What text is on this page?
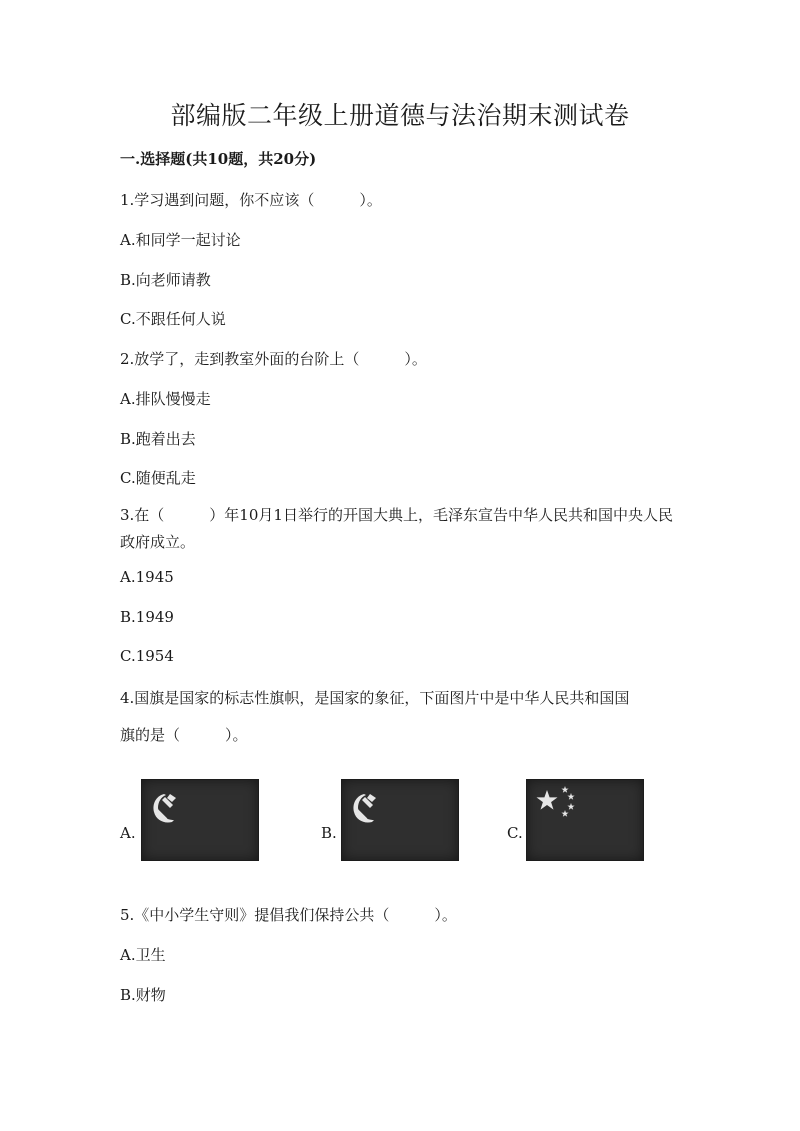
部编版二年级上册道德与法治期末测试卷
一.选择题(共10题，共20分)
1.学习遇到问题，你不应该（　　　）。
A.和同学一起讨论
B.向老师请教
C.不跟任何人说
2.放学了，走到教室外面的台阶上（　　　）。
A.排队慢慢走
B.跑着出去
C.随便乱走
3.在（　　　）年10月1日举行的开国大典上，毛泽东宣告中华人民共和国中央人民政府成立。
A.1945
B.1949
C.1954
4.国旗是国家的标志性旗帜，是国家的象征，下面图片中是中华人民共和国国
旗的是（　　　）。
A.	B.	C.
5.《中小学生守则》提倡我们保持公共（　　　）。
A.卫生
B.财物
